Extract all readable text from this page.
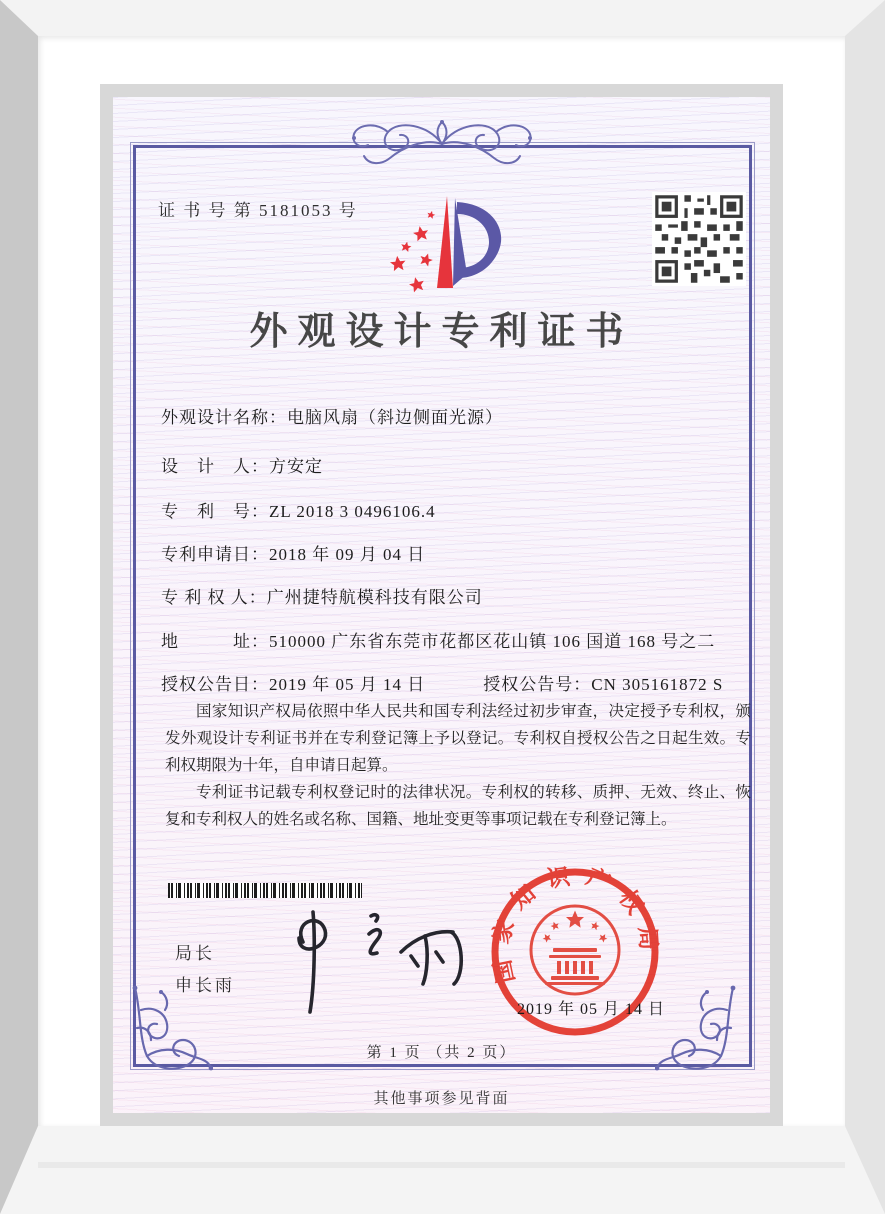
证 书 号 第 5181053 号
外观设计专利证书
外观设计名称：电脑风扇（斜边侧面光源）
设　计　人：方安定
专　利　号：ZL 2018 3 0496106.4
专利申请日：2018 年 09 月 04 日
专 利 权 人：广州捷特航模科技有限公司
地　　　址：510000 广东省东莞市花都区花山镇 106 国道 168 号之二
授权公告日：2019 年 05 月 14 日	授权公告号：CN 305161872 S

国家知识产权局依照中华人民共和国专利法经过初步审查，决定授予专利权，颁发外观设计专利证书并在专利登记簿上予以登记。专利权自授权公告之日起生效。专利权期限为十年，自申请日起算。

专利证书记载专利权登记时的法律状况。专利权的转移、质押、无效、终止、恢复和专利权人的姓名或名称、国籍、地址变更等事项记载在专利登记簿上。

局长
申长雨	国家知识产权局
2019 年 05 月 14 日
第 1 页 （共 2 页）
其他事项参见背面
